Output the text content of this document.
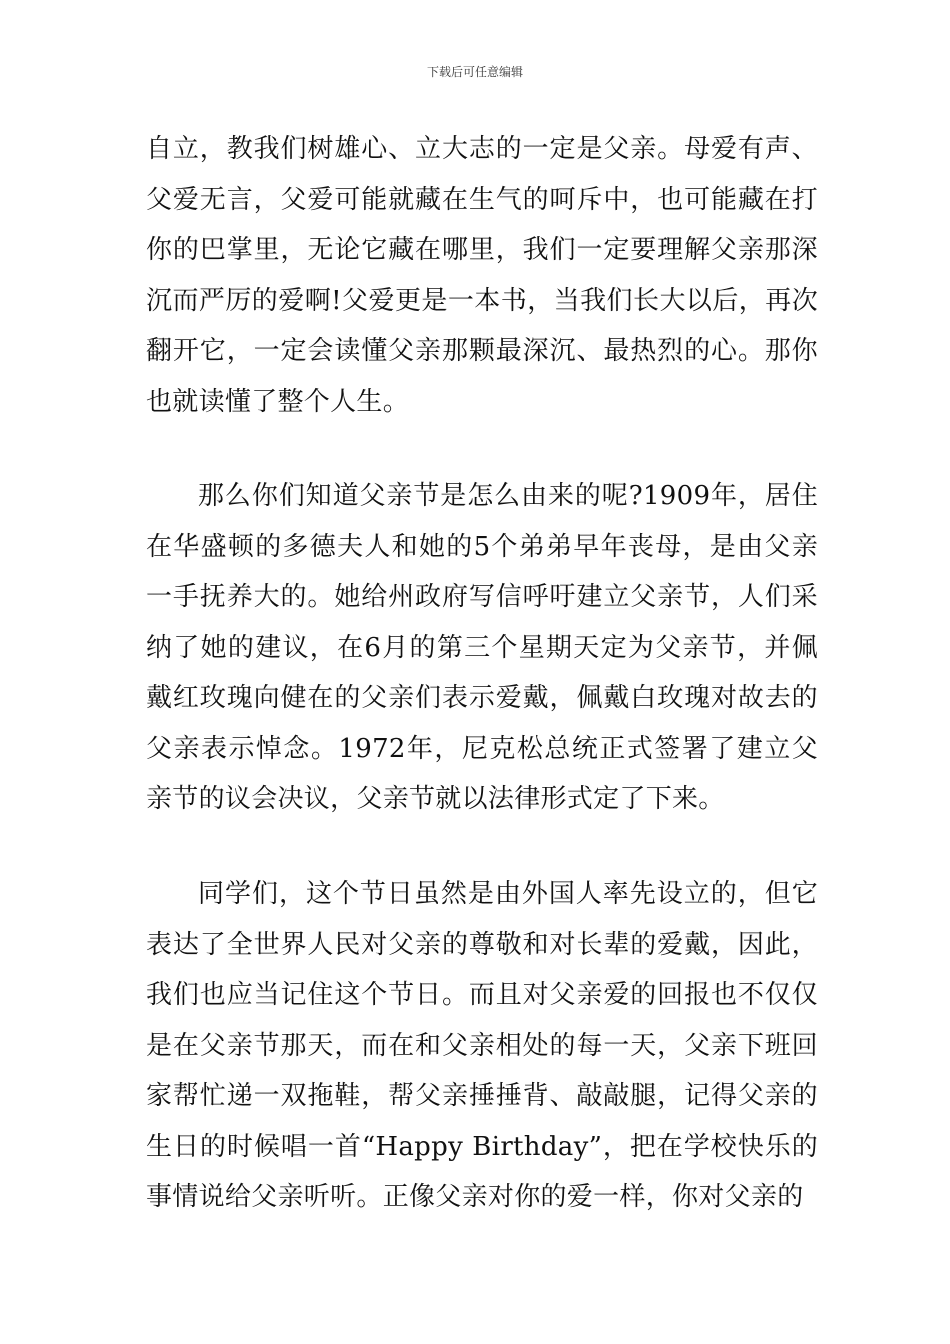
下载后可任意编辑

自立，教我们树雄心、立大志的一定是父亲。母爱有声、父爱无言，父爱可能就藏在生气的呵斥中，也可能藏在打你的巴掌里，无论它藏在哪里，我们一定要理解父亲那深沉而严厉的爱啊!父爱更是一本书，当我们长大以后，再次翻开它，一定会读懂父亲那颗最深沉、最热烈的心。那你也就读懂了整个人生。

那么你们知道父亲节是怎么由来的呢?1909年，居住在华盛顿的多德夫人和她的5个弟弟早年丧母，是由父亲一手抚养大的。她给州政府写信呼吁建立父亲节，人们采纳了她的建议，在6月的第三个星期天定为父亲节，并佩戴红玫瑰向健在的父亲们表示爱戴，佩戴白玫瑰对故去的父亲表示悼念。1972年，尼克松总统正式签署了建立父亲节的议会决议，父亲节就以法律形式定了下来。

同学们，这个节日虽然是由外国人率先设立的，但它表达了全世界人民对父亲的尊敬和对长辈的爱戴，因此，我们也应当记住这个节日。而且对父亲爱的回报也不仅仅是在父亲节那天，而在和父亲相处的每一天，父亲下班回家帮忙递一双拖鞋，帮父亲捶捶背、敲敲腿，记得父亲的生日的时候唱一首“Happy Birthday”，把在学校快乐的事情说给父亲听听。正像父亲对你的爱一样，你对父亲的
